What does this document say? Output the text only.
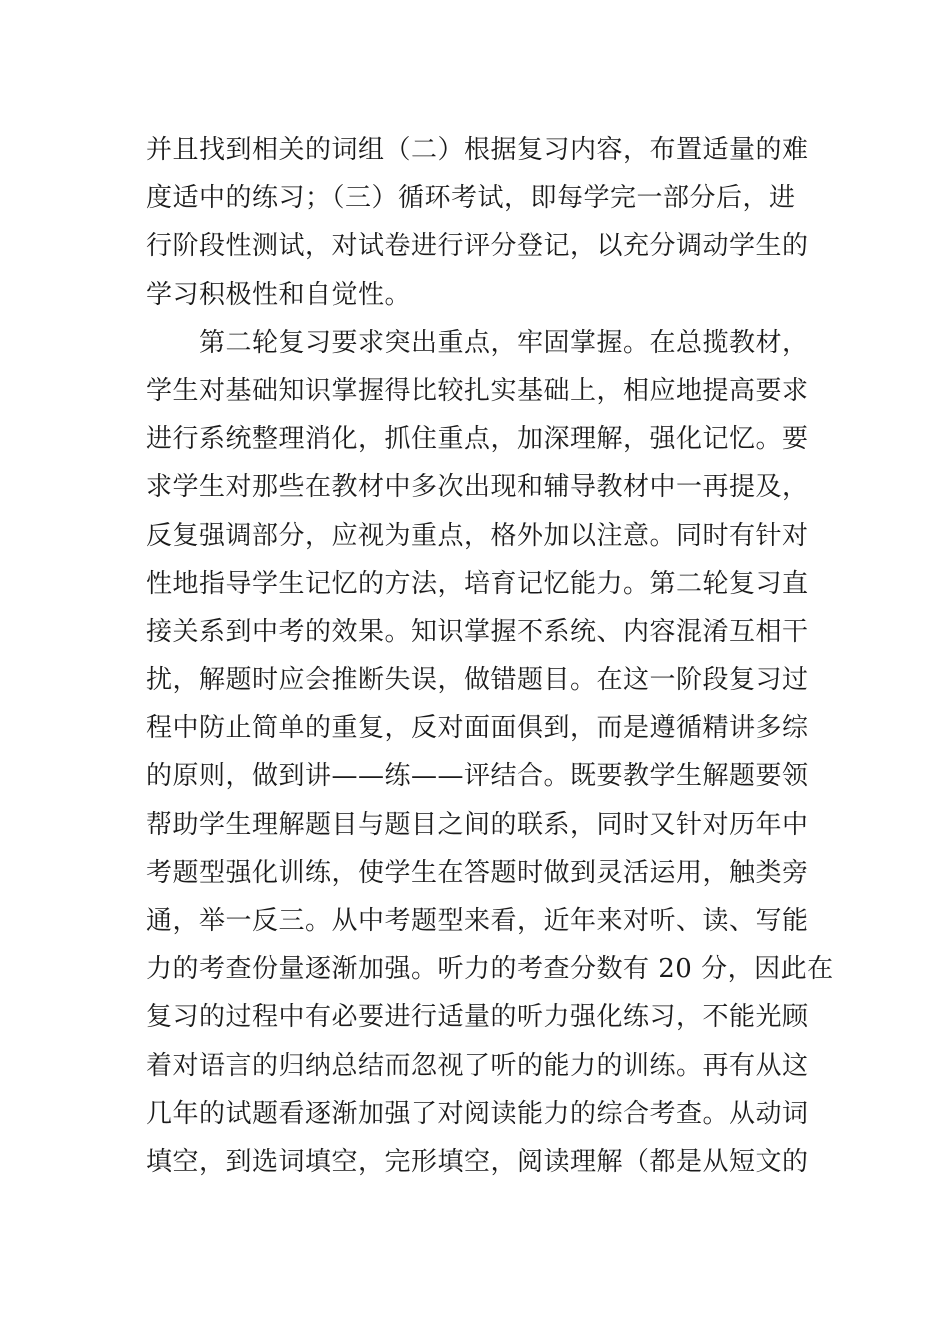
并且找到相关的词组（二）根据复习内容，布置适量的难
度适中的练习；（三）循环考试，即每学完一部分后，进
行阶段性测试，对试卷进行评分登记，以充分调动学生的
学习积极性和自觉性。
　　第二轮复习要求突出重点，牢固掌握。在总揽教材，
学生对基础知识掌握得比较扎实基础上，相应地提高要求
进行系统整理消化，抓住重点，加深理解，强化记忆。要
求学生对那些在教材中多次出现和辅导教材中一再提及，
反复强调部分，应视为重点，格外加以注意。同时有针对
性地指导学生记忆的方法，培育记忆能力。第二轮复习直
接关系到中考的效果。知识掌握不系统、内容混淆互相干
扰，解题时应会推断失误，做错题目。在这一阶段复习过
程中防止简单的重复，反对面面俱到，而是遵循精讲多综
的原则，做到讲——练——评结合。既要教学生解题要领
帮助学生理解题目与题目之间的联系，同时又针对历年中
考题型强化训练，使学生在答题时做到灵活运用，触类旁
通，举一反三。从中考题型来看，近年来对听、读、写能
力的考查份量逐渐加强。听力的考查分数有 20 分，因此在
复习的过程中有必要进行适量的听力强化练习，不能光顾
着对语言的归纳总结而忽视了听的能力的训练。再有从这
几年的试题看逐渐加强了对阅读能力的综合考查。从动词
填空，到选词填空，完形填空，阅读理解（都是从短文的
